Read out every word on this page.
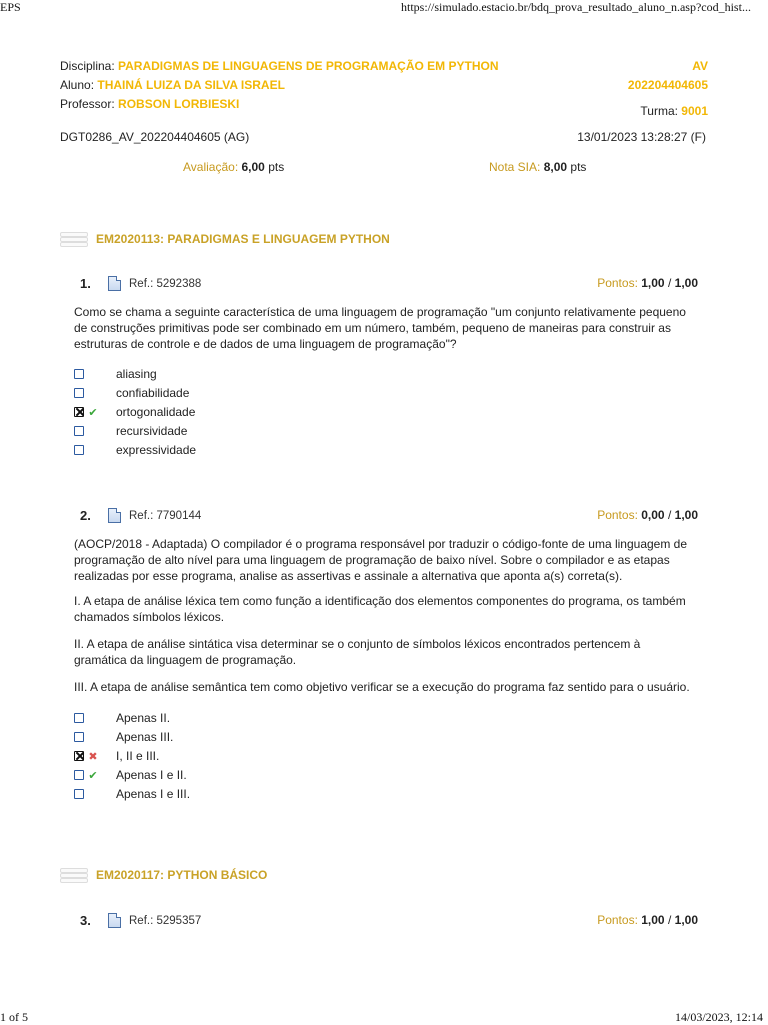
EPS	https://simulado.estacio.br/bdq_prova_resultado_aluno_n.asp?cod_hist...
1 of 5	14/03/2023, 12:14
Disciplina: PARADIGMAS DE LINGUAGENS DE PROGRAMAÇÃO EM PYTHON
Aluno: THAINÁ LUIZA DA SILVA ISRAEL
Professor: ROBSON LORBIESKI
AV
202204404605
Turma: 9001
DGT0286_AV_202204404605 (AG)	13/01/2023 13:28:27 (F)
Avaliação: 6,00 pts	Nota SIA: 8,00 pts
EM2020113: PARADIGMAS E LINGUAGEM PYTHON
1.	Ref.: 5292388	Pontos: 1,00 / 1,00
Como se chama a seguinte característica de uma linguagem de programação "um conjunto relativamente pequeno de construções primitivas pode ser combinado em um número, também, pequeno de maneiras para construir as estruturas de controle e de dados de uma linguagem de programação"?
aliasing
confiabilidade
✔ ortogonalidade
recursividade
expressividade
2.	Ref.: 7790144	Pontos: 0,00 / 1,00
(AOCP/2018 - Adaptada) O compilador é o programa responsável por traduzir o código-fonte de uma linguagem de programação de alto nível para uma linguagem de programação de baixo nível. Sobre o compilador e as etapas realizadas por esse programa, analise as assertivas e assinale a alternativa que aponta a(s) correta(s).
I. A etapa de análise léxica tem como função a identificação dos elementos componentes do programa, os também chamados símbolos léxicos.
II. A etapa de análise sintática visa determinar se o conjunto de símbolos léxicos encontrados pertencem à gramática da linguagem de programação.
III. A etapa de análise semântica tem como objetivo verificar se a execução do programa faz sentido para o usuário.
Apenas II.
Apenas III.
✖ I, II e III.
✔ Apenas I e II.
Apenas I e III.
EM2020117: PYTHON BÁSICO
3.	Ref.: 5295357	Pontos: 1,00 / 1,00
